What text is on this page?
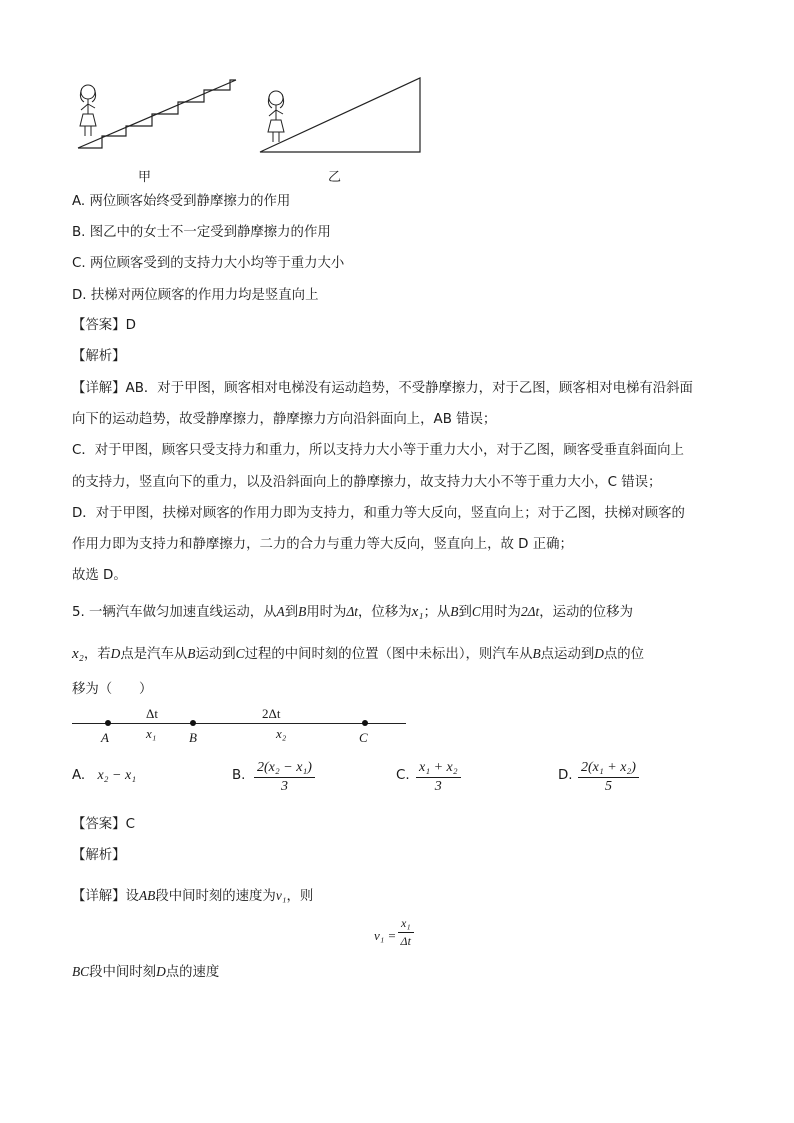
甲	乙
A. 两位顾客始终受到静摩擦力的作用
B. 图乙中的女士不一定受到静摩擦力的作用
C. 两位顾客受到的支持力大小均等于重力大小
D. 扶梯对两位顾客的作用力均是竖直向上
【答案】D
【解析】
【详解】AB．对于甲图，顾客相对电梯没有运动趋势，不受静摩擦力，对于乙图，顾客相对电梯有沿斜面
向下的运动趋势，故受静摩擦力，静摩擦力方向沿斜面向上，AB 错误；
C．对于甲图，顾客只受支持力和重力，所以支持力大小等于重力大小，对于乙图，顾客受垂直斜面向上
的支持力，竖直向下的重力，以及沿斜面向上的静摩擦力，故支持力大小不等于重力大小，C 错误；
D．对于甲图，扶梯对顾客的作用力即为支持力，和重力等大反向，竖直向上；对于乙图，扶梯对顾客的
作用力即为支持力和静摩擦力，二力的合力与重力等大反向，竖直向上，故 D 正确；
故选 D。
5. 一辆汽车做匀加速直线运动，从A到B用时为Δt，位移为x₁；从B到C用时为2Δt，运动的位移为
x₂，若D点是汽车从B运动到C过程的中间时刻的位置（图中未标出），则汽车从B点运动到D点的位
移为（　　）
Δt	2Δt
A	x₁	B	x₂	C
A. x₂ − x₁	B.
2(x₂ − x₁)
3
C.
x₁ + x₂
3
D.
2(x₁ + x₂)
5
【答案】C
【解析】
【详解】设AB段中间时刻的速度为v₁，则
v₁ =
x₁
Δt
BC段中间时刻D点的速度
